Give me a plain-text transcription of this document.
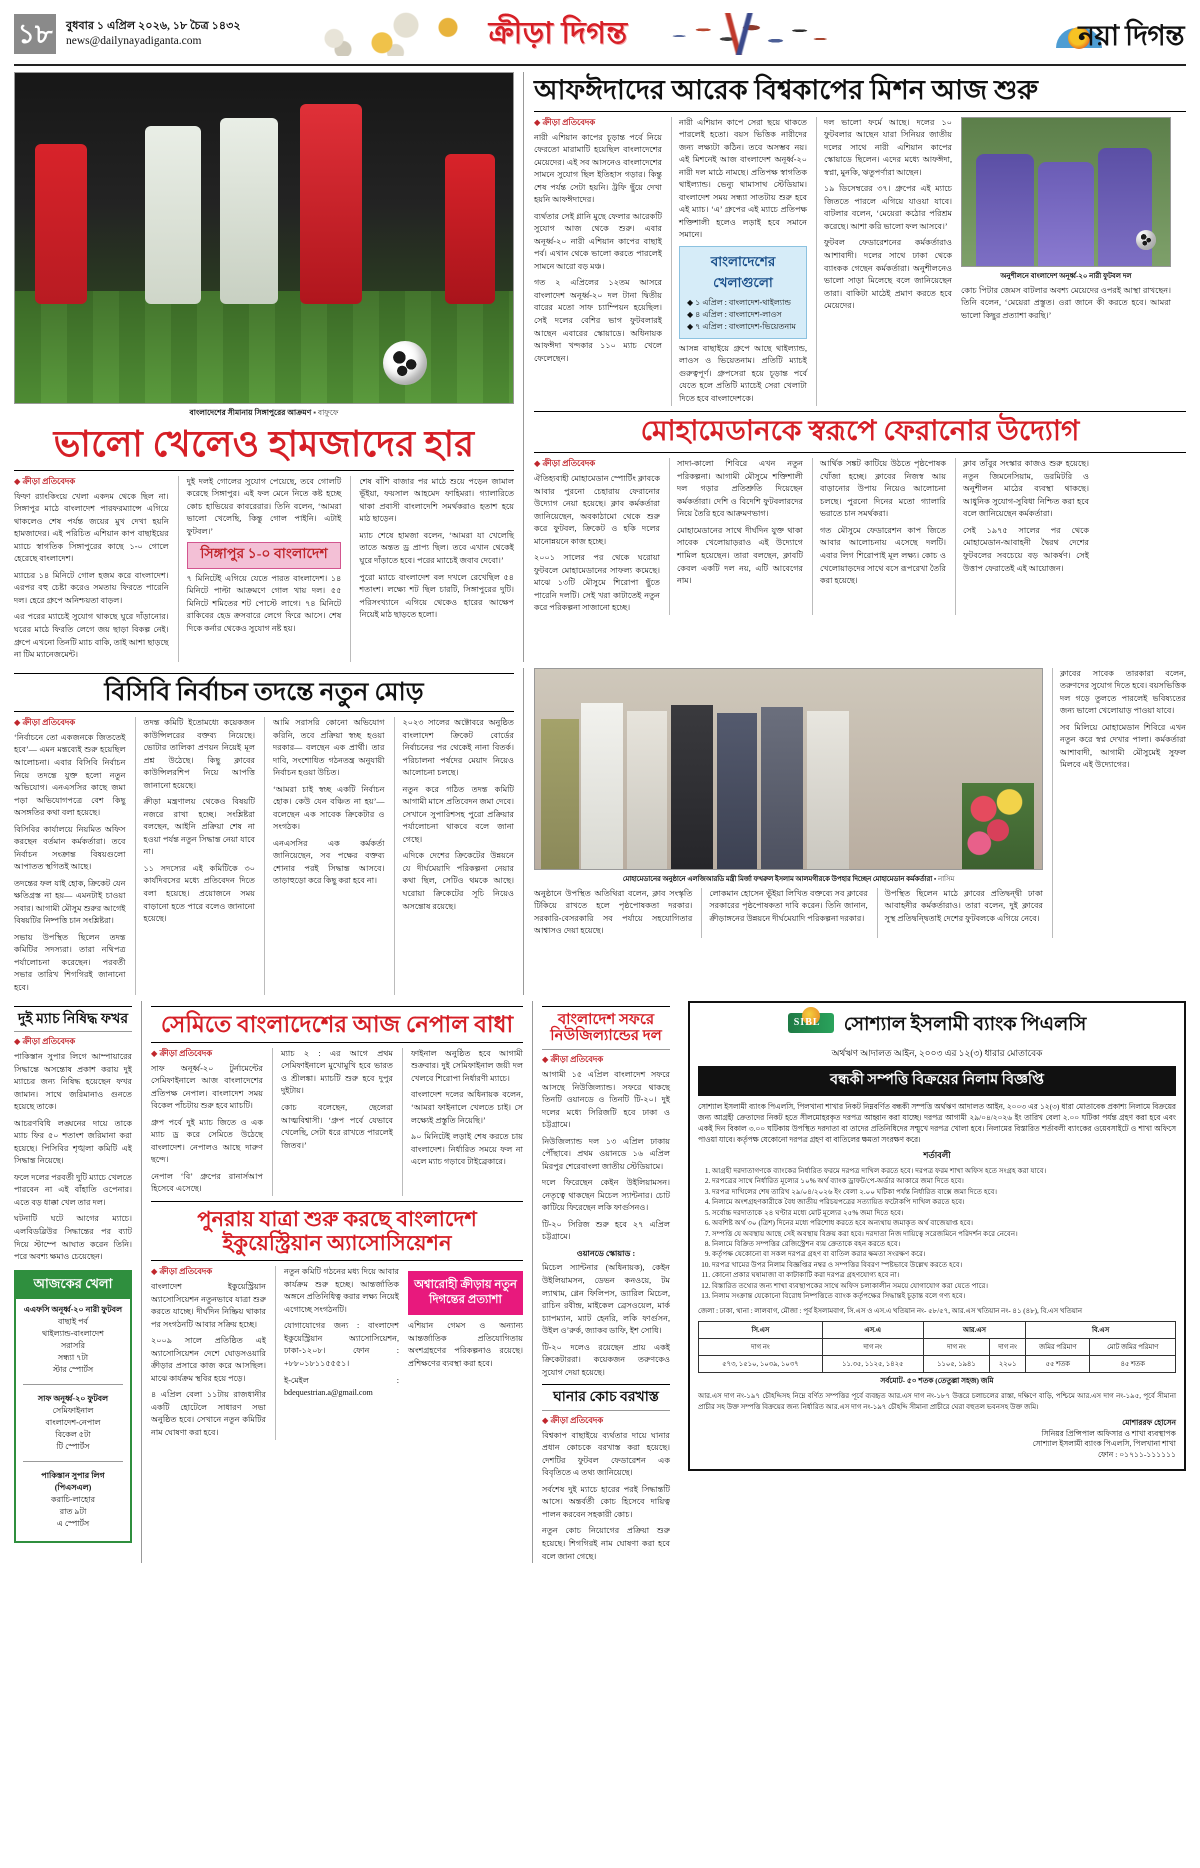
১৮	বুধবার ১ এপ্রিল ২০২৬, ১৮ চৈত্র ১৪৩২
news@dailynayadiganta.com	ক্রীড়া দিগন্ত	নয়া দিগন্ত
বাংলাদেশের সীমানায় সিঙ্গাপুরের আক্রমণ ▪ বাফুফে
ভালো খেলেও হামজাদের হার
◆ ক্রীড়া প্রতিবেদক

ফিফা র‌্যাংকিংয়ে খেলা একদম থেকে ছিল না। সিঙ্গাপুর মাঠে বাংলাদেশ পারফরম্যান্সে এগিয়ে থাকলেও শেষ পর্যন্ত জয়ের মুখ দেখা হয়নি হামজাদের। এই পরিচিত এশিয়ান কাপ বাছাইয়ের ম্যাচে স্বাগতিক সিঙ্গাপুরের কাছে ১-০ গোলে হেরেছে বাংলাদেশ।

ম্যাচের ১৪ মিনিটে গোল হজম করে বাংলাদেশ। এরপর বহু চেষ্টা করেও সমতায় ফিরতে পারেনি দল। হেরে গ্রুপে অনিশ্চয়তা বাড়ল।

এর পরের ম্যাচেই সুযোগ থাকছে ঘুরে দাঁড়ানোর। ঘরের মাঠে ফিরতি লেগে জয় ছাড়া বিকল্প নেই। গ্রুপে এখনো তিনটি ম্যাচ বাকি, তাই আশা ছাড়ছে না টিম ম্যানেজমেন্ট।

দুই দলই গোলের সুযোগ পেয়েছে, তবে গোলটি করেছে সিঙ্গাপুর। এই ফল মেনে নিতে কষ্ট হচ্ছে কোচ হাভিয়ের কাবরেরার। তিনি বলেন, ‘আমরা ভালো খেলেছি, কিন্তু গোল পাইনি। এটাই ফুটবল।’

সিঙ্গাপুর ১-০ বাংলাদেশ

৭ মিনিটেই এগিয়ে যেতে পারত বাংলাদেশ। ১৪ মিনিটে পাল্টা আক্রমণে গোল খায় দল। ৫৫ মিনিটে শমিতের শট পোস্টে লাগে। ৭৪ মিনিটে রাকিবের হেড ক্রসবারে লেগে ফিরে আসে। শেষ দিকে কর্নার থেকেও সুযোগ নষ্ট হয়।

শেষ বাঁশি বাজার পর মাঠে শুয়ে পড়েন জামাল ভূঁইয়া, ফয়সাল আহমেদ ফাহিমরা। গ্যালারিতে থাকা প্রবাসী বাংলাদেশি সমর্থকরাও হতাশ হয়ে মাঠ ছাড়েন।

ম্যাচ শেষে হামজা বলেন, ‘আমরা যা খেলেছি তাতে অন্তত ড্র প্রাপ্য ছিল। তবে এখান থেকেই ঘুরে দাঁড়াতে হবে। পরের ম্যাচেই জবাব দেবো।’

পুরো ম্যাচে বাংলাদেশ বল দখলে রেখেছিল ৫৪ শতাংশ। লক্ষ্যে শট ছিল চারটি, সিঙ্গাপুরের দুটি। পরিসংখ্যানে এগিয়ে থেকেও হারের আক্ষেপ নিয়েই মাঠ ছাড়তে হলো।

আফঈদাদের আরেক বিশ্বকাপের মিশন আজ শুরু
◆ ক্রীড়া প্রতিবেদক

নারী এশিয়ান কাপের চূড়ান্ত পর্বে নিয়ে ফেরতো মারামাটি হয়েছিল বাংলাদেশের মেয়েদের। এই সব আসনেও বাংলাদেশের সামনে সুযোগ ছিল ইতিহাস গড়ার। কিন্তু শেষ পর্যন্ত সেটা হয়নি। ট্রফি ছুঁয়ে দেখা হয়নি আফঈদাদের।

ব্যর্থতার সেই গ্লানি মুছে ফেলার আরেকটি সুযোগ আজ থেকে শুরু। এবার অনূর্ধ্ব-২০ নারী এশিয়ান কাপের বাছাই পর্ব। এখান থেকে ভালো করতে পারলেই সামনে আরো বড় মঞ্চ।

গত ২ এপ্রিলের ১২তম আসরে বাংলাদেশ অনূর্ধ্ব-২০ দল টানা দ্বিতীয় বারের মতো সাফ চ্যাম্পিয়ন হয়েছিল। সেই দলের বেশির ভাগ ফুটবলারই আছেন এবারের স্কোয়াডে। অধিনায়ক আফঈদা খন্দকার ১১০ ম্যাচ খেলে ফেলেছেন।

নারী এশিয়ান কাপে সেরা ছয়ে থাকতে পারলেই হতো। বয়স ভিত্তিক নারীদের জন্য লক্ষ্যটা কঠিন। তবে অসম্ভব নয়। এই মিশনেই আজ বাংলাদেশ অনূর্ধ্ব-২০ নারী দল মাঠে নামছে। প্রতিপক্ষ স্বাগতিক থাইল্যান্ড। ভেন্যু থামাসাথ স্টেডিয়াম। বাংলাদেশ সময় সন্ধ্যা সাতটায় শুরু হবে এই ম্যাচ। ‘এ’ গ্রুপের এই ম্যাচে প্রতিপক্ষ শক্তিশালী হলেও লড়াই হবে সমানে সমানে।

বাংলাদেশের খেলাগুলো
◆ ১ এপ্রিল : বাংলাদেশ-থাইল্যান্ড
◆ ৪ এপ্রিল : বাংলাদেশ-লাওস
◆ ৭ এপ্রিল : বাংলাদেশ-ভিয়েতনাম

আসন্ন বাছাইয়ে গ্রুপে আছে থাইল্যান্ড, লাওস ও ভিয়েতনাম। প্রতিটি ম্যাচই গুরুত্বপূর্ণ। গ্রুপসেরা হয়ে চূড়ান্ত পর্বে যেতে হলে প্রতিটি ম্যাচেই সেরা খেলাটা দিতে হবে বাংলাদেশকে।

দল ভালো ফর্মে আছে। দলের ১০ ফুটবলার আছেন যারা সিনিয়র জাতীয় দলের সাথে নারী এশিয়ান কাপের স্কোয়াডে ছিলেন। এদের মধ্যে আফঈদা, স্বপ্না, মুনকি, ঋতুপর্ণারা আছেন।

১৯ ডিসেম্বরের ৩৭। গ্রুপের এই ম্যাচে জিততে পারলে এগিয়ে যাওয়া যাবে। বাটলার বলেন, ‘মেয়েরা কঠোর পরিশ্রম করেছে। আশা করি ভালো ফল আসবে।’

ফুটবল ফেডারেশনের কর্মকর্তারাও আশাবাদী। দলের সাথে ঢাকা থেকে ব্যাংকক গেছেন কর্মকর্তারা। অনুশীলনেও ভালো সাড়া মিলেছে বলে জানিয়েছেন তারা। বাকিটা মাঠেই প্রমাণ করতে হবে মেয়েদের।

অনুশীলনে বাংলাদেশ অনূর্ধ্ব-২০ নারী ফুটবল দল

কোচ পিটার জেমস বাটলার অবশ্য মেয়েদের ওপরই আস্থা রাখছেন। তিনি বলেন, ‘মেয়েরা প্রস্তুত। ওরা জানে কী করতে হবে। আমরা ভালো কিছুর প্রত্যাশা করছি।’

মোহামেডানকে স্বরূপে ফেরানোর উদ্যোগ
◆ ক্রীড়া প্রতিবেদক

ঐতিহ্যবাহী মোহামেডান স্পোর্টিং ক্লাবকে আবার পুরনো চেহারায় ফেরানোর উদ্যোগ নেয়া হয়েছে। ক্লাব কর্মকর্তারা জানিয়েছেন, অবকাঠামো থেকে শুরু করে ফুটবল, ক্রিকেট ও হকি দলের মানোন্নয়নে কাজ হচ্ছে।

২০০১ সালের পর থেকে ঘরোয়া ফুটবলে মোহামেডানের সাফল্য কমেছে। মাঝে ১৩টি মৌসুমে শিরোপা ছুঁতে পারেনি দলটি। সেই খরা কাটাতেই নতুন করে পরিকল্পনা সাজানো হচ্ছে।

সাদা-কালো শিবিরে এখন নতুন পরিকল্পনা। আগামী মৌসুমে শক্তিশালী দল গড়ার প্রতিশ্রুতি দিয়েছেন কর্মকর্তারা। দেশি ও বিদেশি ফুটবলারদের নিয়ে তৈরি হবে আক্রমণভাগ।

মোহামেডানের সাথে দীর্ঘদিন যুক্ত থাকা সাবেক খেলোয়াড়রাও এই উদ্যোগে শামিল হয়েছেন। তারা বলছেন, ক্লাবটি কেবল একটি দল নয়, এটি আবেগের নাম।

আর্থিক সঙ্কট কাটিয়ে উঠতে পৃষ্ঠপোষক খোঁজা হচ্ছে। ক্লাবের নিজস্ব আয় বাড়ানোর উপায় নিয়েও আলোচনা চলছে। পুরনো দিনের মতো গ্যালারি ভরাতে চান সমর্থকরা।

গত মৌসুমে ফেডারেশন কাপ জিতে আবার আলোচনায় এসেছে দলটি। এবার লিগ শিরোপাই মূল লক্ষ্য। কোচ ও খেলোয়াড়দের সাথে বসে রূপরেখা তৈরি করা হয়েছে।

ক্লাব তাঁবুর সংস্কার কাজও শুরু হয়েছে। নতুন জিমনেসিয়াম, ডরমিটরি ও অনুশীলন মাঠের ব্যবস্থা থাকছে। আধুনিক সুযোগ-সুবিধা নিশ্চিত করা হবে বলে জানিয়েছেন কর্মকর্তারা।

সেই ১৯৭৫ সালের পর থেকে মোহামেডান-আবাহনী দ্বৈরথ দেশের ফুটবলের সবচেয়ে বড় আকর্ষণ। সেই উত্তাপ ফেরাতেই এই আয়োজন।

বিসিবি নির্বাচন তদন্তে নতুন মোড়
◆ ক্রীড়া প্রতিবেদক

‘নির্বাচনে তো একজনকে জিততেই হবে’— এমন মন্তব্যেই শুরু হয়েছিল আলোচনা। এবার বিসিবি নির্বাচন নিয়ে তদন্তে যুক্ত হলো নতুন অভিযোগ। এনএসসির কাছে জমা পড়া অভিযোগপত্রে বেশ কিছু অসঙ্গতির কথা বলা হয়েছে।

বিসিবির কার্যালয়ে নিয়মিত অফিস করছেন বর্তমান কর্মকর্তারা। তবে নির্বাচন সংক্রান্ত বিষয়গুলো আপাতত স্থগিতই আছে।

তদন্তের ফল যাই হোক, ক্রিকেট যেন ক্ষতিগ্রস্ত না হয়— এমনটাই চাওয়া সবার। আগামী মৌসুম শুরুর আগেই বিষয়টির নিষ্পত্তি চান সংশ্লিষ্টরা।

সভায় উপস্থিত ছিলেন তদন্ত কমিটির সদস্যরা। তারা নথিপত্র পর্যালোচনা করেছেন। পরবর্তী সভার তারিখ শিগগিরই জানানো হবে।

তদন্ত কমিটি ইতোমধ্যে কয়েকজন কাউন্সিলরের বক্তব্য নিয়েছে। ভোটার তালিকা প্রণয়ন নিয়েই মূল প্রশ্ন উঠেছে। কিছু ক্লাবের কাউন্সিলরশিপ নিয়ে আপত্তি জানানো হয়েছে।

ক্রীড়া মন্ত্রণালয় থেকেও বিষয়টি নজরে রাখা হচ্ছে। সংশ্লিষ্টরা বলছেন, আইনি প্রক্রিয়া শেষ না হওয়া পর্যন্ত নতুন সিদ্ধান্ত নেয়া যাবে না।

১১ সদস্যের এই কমিটিকে ৩০ কার্যদিবসের মধ্যে প্রতিবেদন দিতে বলা হয়েছে। প্রয়োজনে সময় বাড়ানো হতে পারে বলেও জানানো হয়েছে।

আমি সরাসরি কোনো অভিযোগ করিনি, তবে প্রক্রিয়া স্বচ্ছ হওয়া দরকার— বলছেন এক প্রার্থী। তার দাবি, সংশোধিত গঠনতন্ত্র অনুযায়ী নির্বাচন হওয়া উচিত।

‘আমরা চাই স্বচ্ছ একটি নির্বাচন হোক। কেউ যেন বঞ্চিত না হয়’— বলেছেন এক সাবেক ক্রিকেটার ও সংগঠক।

এনএসসির এক কর্মকর্তা জানিয়েছেন, সব পক্ষের বক্তব্য শোনার পরই সিদ্ধান্ত আসবে। তাড়াহুড়ো করে কিছু করা হবে না।

২০২৩ সালের অক্টোবরে অনুষ্ঠিত বাংলাদেশ ক্রিকেট বোর্ডের নির্বাচনের পর থেকেই নানা বিতর্ক। পরিচালনা পর্ষদের মেয়াদ নিয়েও আলোচনা চলছে।

নতুন করে গঠিত তদন্ত কমিটি আগামী মাসে প্রতিবেদন জমা দেবে। সেখানে সুপারিশসহ পুরো প্রক্রিয়ার পর্যালোচনা থাকবে বলে জানা গেছে।

এদিকে দেশের ক্রিকেটের উন্নয়নে যে দীর্ঘমেয়াদি পরিকল্পনা নেয়ার কথা ছিল, সেটিও থমকে আছে। ঘরোয়া ক্রিকেটের সূচি নিয়েও অসন্তোষ রয়েছে।

মোহামেডানের অনুষ্ঠানে এলজিআরডি মন্ত্রী মির্জা ফখরুল ইসলাম আলমগীরকে উপহার দিচ্ছেন মোহামেডান কর্মকর্তারা ▪ নাসিম

অনুষ্ঠানে উপস্থিত অতিথিরা বলেন, ক্লাব সংস্কৃতি টিকিয়ে রাখতে হলে পৃষ্ঠপোষকতা দরকার। সরকারি-বেসরকারি সব পর্যায়ে সহযোগিতার আশ্বাসও দেয়া হয়েছে।

লোকমান হোসেন ভূঁইয়া লিখিত বক্তব্যে সব ক্লাবের সরকারের পৃষ্ঠপোষকতা দাবি করেন। তিনি জানান, ক্রীড়াঙ্গনের উন্নয়নে দীর্ঘমেয়াদি পরিকল্পনা দরকার।

উপস্থিত ছিলেন মাঠে ক্লাবের প্রতিদ্বন্দ্বী ঢাকা আবাহনীর কর্মকর্তারাও। তারা বলেন, দুই ক্লাবের সুস্থ প্রতিদ্বন্দ্বিতাই দেশের ফুটবলকে এগিয়ে নেবে।

ক্লাবের সাবেক তারকারা বলেন, তরুণদের সুযোগ দিতে হবে। বয়সভিত্তিক দল গড়ে তুলতে পারলেই ভবিষ্যতের জন্য ভালো খেলোয়াড় পাওয়া যাবে।

সব মিলিয়ে মোহামেডান শিবিরে এখন নতুন করে স্বপ্ন দেখার পালা। কর্মকর্তারা আশাবাদী, আগামী মৌসুমেই সুফল মিলবে এই উদ্যোগের।

দুই ম্যাচ নিষিদ্ধ ফখর
◆ ক্রীড়া প্রতিবেদক

পাকিস্তান সুপার লিগে আম্পায়ারের সিদ্ধান্তে অসন্তোষ প্রকাশ করায় দুই ম্যাচের জন্য নিষিদ্ধ হয়েছেন ফখর জামান। সাথে জরিমানাও গুনতে হয়েছে তাকে।

আচরণবিধি লঙ্ঘনের দায়ে তাকে ম্যাচ ফির ৫০ শতাংশ জরিমানা করা হয়েছে। পিসিবির শৃঙ্খলা কমিটি এই সিদ্ধান্ত নিয়েছে।

ফলে দলের পরবর্তী দুটি ম্যাচে খেলতে পারবেন না এই বাঁহাতি ওপেনার। এতে বড় ধাক্কা খেল তার দল।

ঘটনাটি ঘটে আগের ম্যাচে। এলবিডব্লিউর সিদ্ধান্তের পর ব্যাট দিয়ে স্টাম্পে আঘাত করেন তিনি। পরে অবশ্য ক্ষমাও চেয়েছেন।

আজকের খেলা
এএফসি অনূর্ধ্ব-২০ নারী ফুটবল
বাছাই পর্ব
থাইল্যান্ড-বাংলাদেশ
সরাসরি
সন্ধ্যা ৭টা
স্টার স্পোর্টস
সাফ অনূর্ধ্ব-২০ ফুটবল
সেমিফাইনাল
বাংলাদেশ-নেপাল
বিকেল ৫টা
টি স্পোর্টস
পাকিস্তান সুপার লিগ (পিএসএল)
করাচি-লাহোর
রাত ৯টা
এ স্পোর্টস
সেমিতে বাংলাদেশের আজ নেপাল বাধা
◆ ক্রীড়া প্রতিবেদক

সাফ অনূর্ধ্ব-২০ টুর্নামেন্টের সেমিফাইনালে আজ বাংলাদেশের প্রতিপক্ষ নেপাল। বাংলাদেশ সময় বিকেল পাঁচটায় শুরু হবে ম্যাচটি।

গ্রুপ পর্বে দুই ম্যাচ জিতে ও এক ম্যাচ ড্র করে সেমিতে উঠেছে বাংলাদেশ। নেপালও আছে দারুণ ছন্দে।

নেপাল ‘বি’ গ্রুপের রানার্সআপ হিসেবে এসেছে।

ম্যাচ ২ : এর আগে প্রথম সেমিফাইনালে মুখোমুখি হবে ভারত ও শ্রীলঙ্কা। ম্যাচটি শুরু হবে দুপুর দুইটায়।

কোচ বলেছেন, ছেলেরা আত্মবিশ্বাসী। ‘গ্রুপ পর্বে যেভাবে খেলেছি, সেটা ধরে রাখতে পারলেই জিতব।’

ফাইনাল অনুষ্ঠিত হবে আগামী শুক্রবার। দুই সেমিফাইনাল জয়ী দল খেলবে শিরোপা নির্ধারণী ম্যাচে।

বাংলাদেশ দলের অধিনায়ক বলেন, ‘আমরা ফাইনালে খেলতে চাই। সে লক্ষ্যেই প্রস্তুতি নিয়েছি।’

৯০ মিনিটেই লড়াই শেষ করতে চায় বাংলাদেশ। নির্ধারিত সময়ে ফল না এলে ম্যাচ গড়াবে টাইব্রেকারে।

পুনরায় যাত্রা শুরু করছে বাংলাদেশ
ইকুয়েস্ট্রিয়ান অ্যাসোসিয়েশন
◆ ক্রীড়া প্রতিবেদক

বাংলাদেশ ইকুয়েস্ট্রিয়ান অ্যাসোসিয়েশন নতুনভাবে যাত্রা শুরু করতে যাচ্ছে। দীর্ঘদিন নিষ্ক্রিয় থাকার পর সংগঠনটি আবার সক্রিয় হচ্ছে।

২০০৯ সালে প্রতিষ্ঠিত এই অ্যাসোসিয়েশন দেশে ঘোড়সওয়ারি ক্রীড়ার প্রসারে কাজ করে আসছিল। মাঝে কার্যক্রম স্থবির হয়ে পড়ে।

৪ এপ্রিল বেলা ১১টায় রাজধানীর একটি হোটেলে সাধারণ সভা অনুষ্ঠিত হবে। সেখানে নতুন কমিটির নাম ঘোষণা করা হবে।

নতুন কমিটি গঠনের মধ্য দিয়ে আবার কার্যক্রম শুরু হচ্ছে। আন্তর্জাতিক অঙ্গনে প্রতিনিধিত্ব করার লক্ষ্য নিয়েই এগোচ্ছে সংগঠনটি।

যোগাযোগের জন্য : বাংলাদেশ ইকুয়েস্ট্রিয়ান অ্যাসোসিয়েশন, ঢাকা-১২০৮। ফোন : +৮৮০১৮১১৫৫৫১।

ই-মেইল : bdequestrian.a@gmail.com

অশ্বারোহী ক্রীড়ায় নতুন দিগন্তের প্রত্যাশা

এশিয়ান গেমস ও অন্যান্য আন্তর্জাতিক প্রতিযোগিতায় অংশগ্রহণের পরিকল্পনাও রয়েছে। প্রশিক্ষণের ব্যবস্থা করা হবে।

বাংলাদেশ সফরে নিউজিল্যান্ডের দল
◆ ক্রীড়া প্রতিবেদক

আগামী ১৫ এপ্রিল বাংলাদেশ সফরে আসছে নিউজিল্যান্ড। সফরে থাকছে তিনটি ওয়ানডে ও তিনটি টি-২০। দুই দলের মধ্যে সিরিজটি হবে ঢাকা ও চট্টগ্রামে।

নিউজিল্যান্ড দল ১৩ এপ্রিল ঢাকায় পৌঁছাবে। প্রথম ওয়ানডে ১৬ এপ্রিল মিরপুর শেরেবাংলা জাতীয় স্টেডিয়ামে।

দলে ফিরেছেন কেইন উইলিয়ামসন। নেতৃত্বে থাকছেন মিচেল স্যান্টনার। চোট কাটিয়ে ফিরেছেন লকি ফার্গুসনও।

টি-২০ সিরিজ শুরু হবে ২৭ এপ্রিল চট্টগ্রামে।

ওয়ানডে স্কোয়াড :

মিচেল স্যান্টনার (অধিনায়ক), কেইন উইলিয়ামসন, ডেভন কনওয়ে, টম ল্যাথাম, গ্লেন ফিলিপস, ড্যারিল মিচেল, রাচিন রবীন্দ্র, মাইকেল ব্রেসওয়েল, মার্ক চ্যাপম্যান, ম্যাট হেনরি, লকি ফার্গুসন, উইল ও’রুর্ক, জ্যাকব ডাফি, ইশ সোধি।

টি-২০ দলেও রয়েছেন প্রায় একই ক্রিকেটাররা। কয়েকজন তরুণকেও সুযোগ দেয়া হয়েছে।

ঘানার কোচ বরখাস্ত
◆ ক্রীড়া প্রতিবেদক

বিশ্বকাপ বাছাইয়ে ব্যর্থতার দায়ে ঘানার প্রধান কোচকে বরখাস্ত করা হয়েছে। দেশটির ফুটবল ফেডারেশন এক বিবৃতিতে এ তথ্য জানিয়েছে।

সর্বশেষ দুই ম্যাচে হারের পরই সিদ্ধান্তটি আসে। অন্তর্বর্তী কোচ হিসেবে দায়িত্ব পালন করবেন সহকারী কোচ।

নতুন কোচ নিয়োগের প্রক্রিয়া শুরু হয়েছে। শিগগিরই নাম ঘোষণা করা হবে বলে জানা গেছে।

SIBL সোশ্যাল ইসলামী ব্যাংক পিএলসি
অর্থঋণ আদালত আইন, ২০০৩ এর ১২(৩) ধারার মোতাবেক
বন্ধকী সম্পত্তি বিক্রয়ের নিলাম বিজ্ঞপ্তি
সোশ্যাল ইসলামী ব্যাংক পিএলসি, পিলখানা শাখার নিকট নিম্নবর্ণিত বন্ধকী সম্পত্তি অর্থঋণ আদালত আইন, ২০০৩ এর ১২(৩) ধারা মোতাবেক প্রকাশ্য নিলামে বিক্রয়ের জন্য আগ্রহী ক্রেতাদের নিকট হতে সীলমোহরকৃত দরপত্র আহ্বান করা যাচ্ছে। দরপত্র আগামী ২৯/০৪/২০২৬ ইং তারিখ বেলা ২.০০ ঘটিকা পর্যন্ত গ্রহণ করা হবে এবং একই দিন বিকাল ৩.০০ ঘটিকায় উপস্থিত দরদাতা বা তাদের প্রতিনিধিদের সম্মুখে দরপত্র খোলা হবে। নিলামের বিস্তারিত শর্তাবলী ব্যাংকের ওয়েবসাইটে ও শাখা অফিসে পাওয়া যাবে। কর্তৃপক্ষ যেকোনো দরপত্র গ্রহণ বা বাতিলের ক্ষমতা সংরক্ষণ করে।
শর্তাবলী
1. আগ্রহী দরদাতাগণকে ব্যাংকের নির্ধারিত ফরমে দরপত্র দাখিল করতে হবে। দরপত্র ফরম শাখা অফিস হতে সংগ্রহ করা যাবে।
2. দরপত্রের সাথে নির্ধারিত মূল্যের ১০% অর্থ ব্যাংক ড্রাফট/পে-অর্ডার আকারে জমা দিতে হবে।
3. দরপত্র দাখিলের শেষ তারিখ ২৯/০৪/২০২৬ ইং বেলা ২.০০ ঘটিকা পর্যন্ত নির্ধারিত বাক্সে জমা দিতে হবে।
4. নিলামে অংশগ্রহণকারীকে বৈধ জাতীয় পরিচয়পত্রের সত্যায়িত ফটোকপি দাখিল করতে হবে।
5. সর্বোচ্চ দরদাতাকে ২৪ ঘণ্টার মধ্যে মোট মূল্যের ২৫% জমা দিতে হবে।
6. অবশিষ্ট অর্থ ৩০ (ত্রিশ) দিনের মধ্যে পরিশোধ করতে হবে অন্যথায় জমাকৃত অর্থ বাজেয়াপ্ত হবে।
7. সম্পত্তি যে অবস্থায় আছে সেই অবস্থায় বিক্রয় করা হবে। দরদাতা নিজ দায়িত্বে সরেজমিনে পরিদর্শন করে নেবেন।
8. নিলামে বিক্রিত সম্পত্তির রেজিস্ট্রেশন ব্যয় ক্রেতাকে বহন করতে হবে।
9. কর্তৃপক্ষ যেকোনো বা সকল দরপত্র গ্রহণ বা বাতিল করার ক্ষমতা সংরক্ষণ করে।
10. দরপত্র খামের উপর নিলাম বিজ্ঞপ্তির নম্বর ও সম্পত্তির বিবরণ স্পষ্টভাবে উল্লেখ করতে হবে।
11. কোনো প্রকার ঘষামাজা বা কাটাকাটি করা দরপত্র গ্রহণযোগ্য হবে না।
12. বিস্তারিত তথ্যের জন্য শাখা ব্যবস্থাপকের সাথে অফিস চলাকালীন সময়ে যোগাযোগ করা যেতে পারে।
13. নিলাম সংক্রান্ত যেকোনো বিরোধ নিষ্পত্তিতে ব্যাংক কর্তৃপক্ষের সিদ্ধান্তই চূড়ান্ত বলে গণ্য হবে।
জেলা : ঢাকা, থানা : লালবাগ, মৌজা : পূর্ব ইসলামবাগ, সি.এস ও এস.এ খতিয়ান নং- ৫৮/৫৭, আর.এস খতিয়ান নং- ৪১ (৪৮), বি.এস খতিয়ান
সি.এস	এস.এ	আর.এস		বি.এস	
দাগ নং	দাগ নং	দাগ নং	দাগ নং	জমির পরিমাণ	মোট জমির পরিমাণ
৫৭৩, ১৫১০, ১০৩৯, ১০৩৭	১১.৩৫, ১১২৫, ১৪২৫	১১০৫, ১৯৪১	২২০১	৫৫ শতক	৪৫ শতক
সর্বমোট- ৫০ শতক (তেতুল্লা সহজ) জমি
আর.এস দাগ নং-১৯৭ চৌহদ্দিসহ নিম্নে বর্ণিত সম্পত্তির পূর্বে ব্যবহৃত আর.এস দাগ নং-১৮৭ উত্তরে চলাচলের রাস্তা, দক্ষিণে বাড়ি, পশ্চিমে আর.এস দাগ নং-১৯৫, পূর্বে সীমানা প্রাচীর সহ উক্ত সম্পত্তি বিক্রয়ের জন্য নির্ধারিত আর.এস দাগ নং-১৯৭ চৌহদ্দি সীমানা প্রাচীরে ঘেরা বহুতল ভবনসহ উক্ত জমি।
মোশাররফ হোসেন
সিনিয়র প্রিন্সিপাল অফিসার ও শাখা ব্যবস্থাপক
সোশ্যাল ইসলামী ব্যাংক পিএলসি, পিলখানা শাখা
ফোন : ০১৭১১-১১১১১১
